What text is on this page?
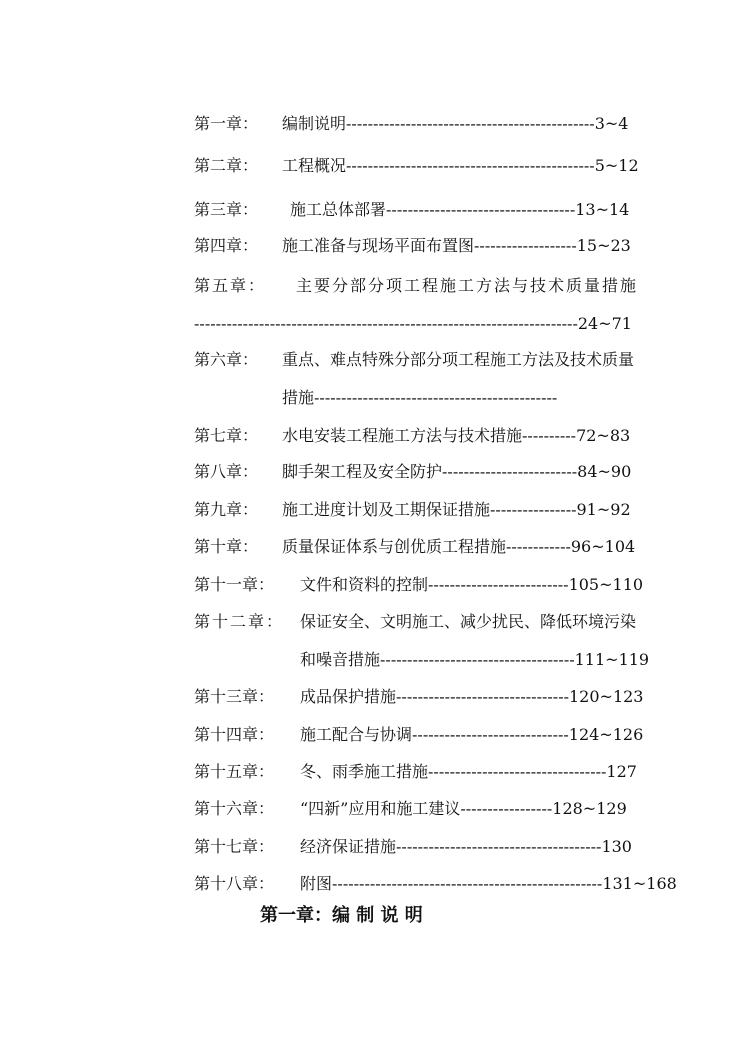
第一章： 编制说明----------------------------------------------3~4
第二章： 工程概况----------------------------------------------5~12
第三章： 施工总体部署-----------------------------------13~14
第四章： 施工准备与现场平面布置图-------------------15~23
第五章： 主要分部分项工程施工方法与技术质量措施
-----------------------------------------------------------------------24~71
第六章： 重点、难点特殊分部分项工程施工方法及技术质量
措施---------------------------------------------
第七章： 水电安装工程施工方法与技术措施----------72~83
第八章： 脚手架工程及安全防护-------------------------84~90
第九章： 施工进度计划及工期保证措施----------------91~92
第十章： 质量保证体系与创优质工程措施------------96~104
第十一章： 文件和资料的控制--------------------------105~110
第十二章： 保证安全、文明施工、减少扰民、降低环境污染
和噪音措施------------------------------------111~119
第十三章： 成品保护措施--------------------------------120~123
第十四章： 施工配合与协调-----------------------------124~126
第十五章： 冬、雨季施工措施---------------------------------127
第十六章： “四新”应用和施工建议-----------------128~129
第十七章： 经济保证措施--------------------------------------130
第十八章： 附图--------------------------------------------------131~168
第一章：编 制 说 明
